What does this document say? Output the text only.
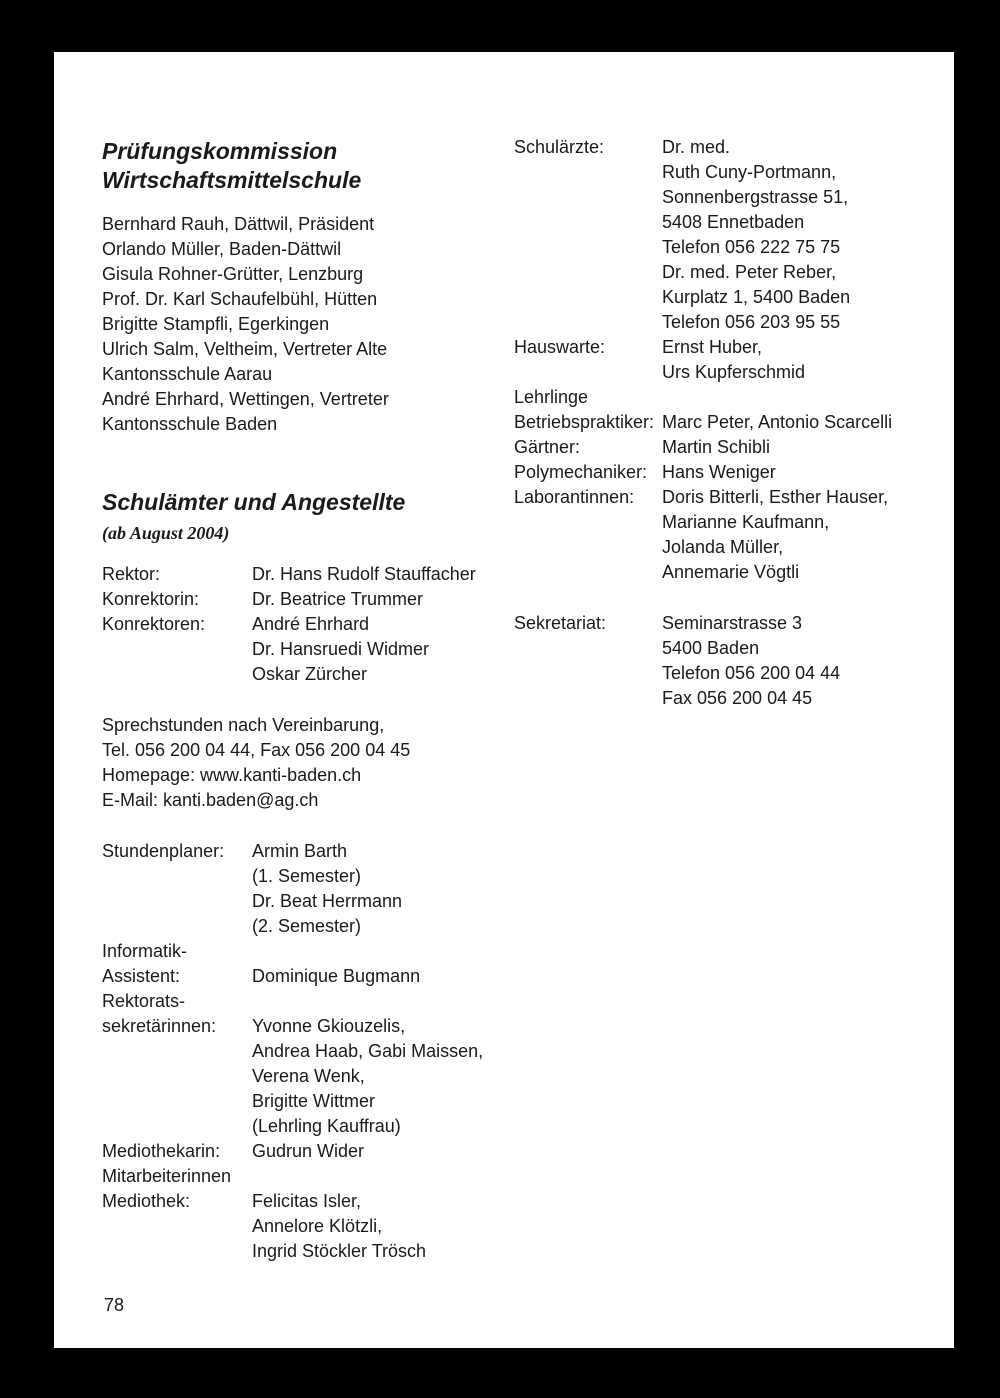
Prüfungskommission
Wirtschaftsmittelschule
Bernhard Rauh, Dättwil, Präsident
Orlando Müller, Baden-Dättwil
Gisula Rohner-Grütter, Lenzburg
Prof. Dr. Karl Schaufelbühl, Hütten
Brigitte Stampfli, Egerkingen
Ulrich Salm, Veltheim, Vertreter Alte
Kantonsschule Aarau
André Ehrhard, Wettingen, Vertreter
Kantonsschule Baden
Schulämter und Angestellte
(ab August 2004)
Rektor:	Dr. Hans Rudolf Stauffacher
Konrektorin:	Dr. Beatrice Trummer
Konrektoren:	André Ehrhard
Dr. Hansruedi Widmer
Oskar Zürcher
Sprechstunden nach Vereinbarung,
Tel. 056 200 04 44, Fax 056 200 04 45
Homepage: www.kanti-baden.ch
E-Mail: kanti.baden@ag.ch
Stundenplaner: Armin Barth
(1. Semester)
Dr. Beat Herrmann
(2. Semester)
Informatik-
Assistent:	Dominique Bugmann
Rektorats-
sekretärinnen: Yvonne Gkiouzelis,
Andrea Haab, Gabi Maissen,
Verena Wenk,
Brigitte Wittmer
(Lehrling Kauffrau)
Mediothekarin: Gudrun Wider
Mitarbeiterinnen
Mediothek:	Felicitas Isler,
Annelore Klötzli,
Ingrid Stöckler Trösch
Schulärzte:	Dr. med.
Ruth Cuny-Portmann,
Sonnenbergstrasse 51,
5408 Ennetbaden
Telefon 056 222 75 75
Dr. med. Peter Reber,
Kurplatz 1, 5400 Baden
Telefon 056 203 95 55
Hauswarte:	Ernst Huber,
Urs Kupferschmid
Lehrlinge
Betriebspraktiker: Marc Peter, Antonio Scarcelli
Gärtner:	Martin Schibli
Polymechaniker: Hans Weniger
Laborantinnen: Doris Bitterli, Esther Hauser,
Marianne Kaufmann,
Jolanda Müller,
Annemarie Vögtli
Sekretariat:	Seminarstrasse 3
5400 Baden
Telefon 056 200 04 44
Fax 056 200 04 45
78
